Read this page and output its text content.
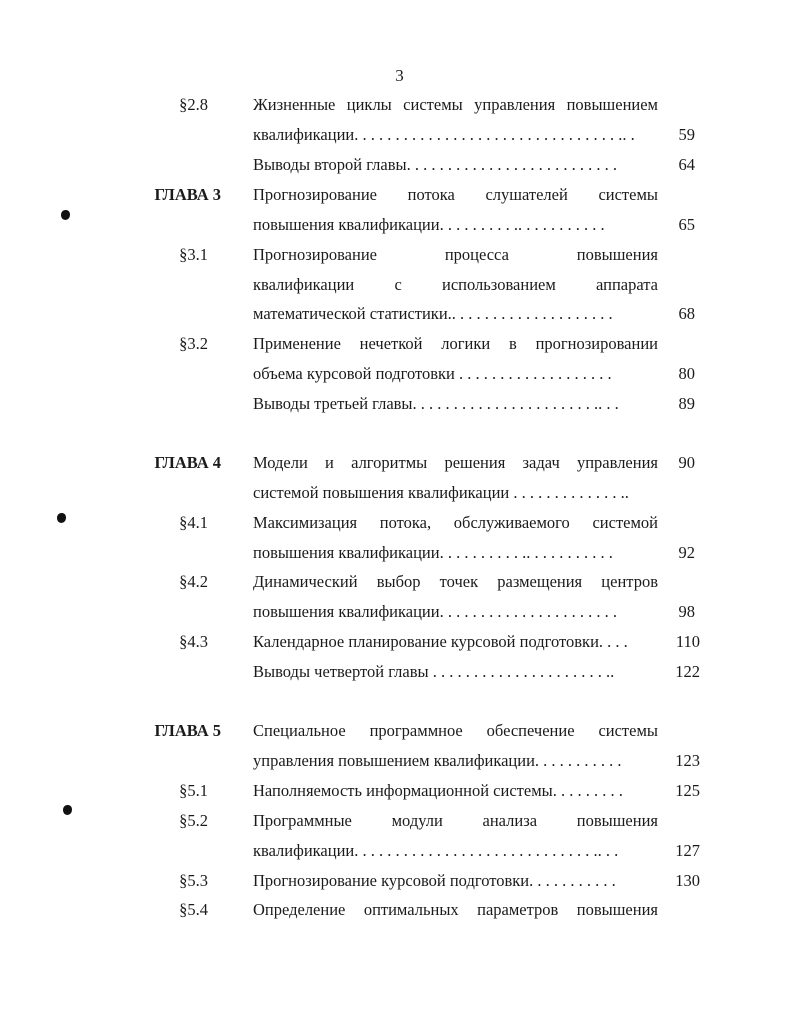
3
§2.8	Жизненные циклы системы управления повышением
квалификации. . . . . . . . . . . . . . . . . . . . . . . . . . . . . . . . .. .	59
Выводы второй главы. . . . . . . . . . . . . . . . . . . . . . . . . .	64
ГЛАВА 3 Прогнозирование потока слушателей системы
повышения квалификации. . . . . . . . . .. . . . . . . . . . .	65
§3.1	Прогнозирование процесса повышения
квалификации с использованием аппарата
математической статистики.. . . . . . . . . . . . . . . . . . . .	68
§3.2	Применение нечеткой логики в прогнозировании
объема курсовой подготовки . . . . . . . . . . . . . . . . . . .	80
Выводы третьей главы. . . . . . . . . . . . . . . . . . . . . . .. . .	89
ГЛАВА 4 Модели и алгоритмы решения задач управления	90
системой повышения квалификации . . . . . . . . . . . . . ..
§4.1	Максимизация потока, обслуживаемого системой
повышения квалификации. . . . . . . . . . .. . . . . . . . . . .	92
§4.2	Динамический выбор точек размещения центров
повышения квалификации. . . . . . . . . . . . . . . . . . . . . .	98
§4.3	Календарное планирование курсовой подготовки. . . .	110
Выводы четвертой главы . . . . . . . . . . . . . . . . . . . . . ..	122
ГЛАВА 5 Специальное программное обеспечение системы
управления повышением квалификации. . . . . . . . . . .	123
§5.1	Наполняемость информационной системы. . . . . . . . .	125
§5.2	Программные модули анализа повышения
квалификации. . . . . . . . . . . . . . . . . . . . . . . . . . . . . .. . .	127
§5.3	Прогнозирование курсовой подготовки. . . . . . . . . . .	130
§5.4	Определение оптимальных параметров повышения
